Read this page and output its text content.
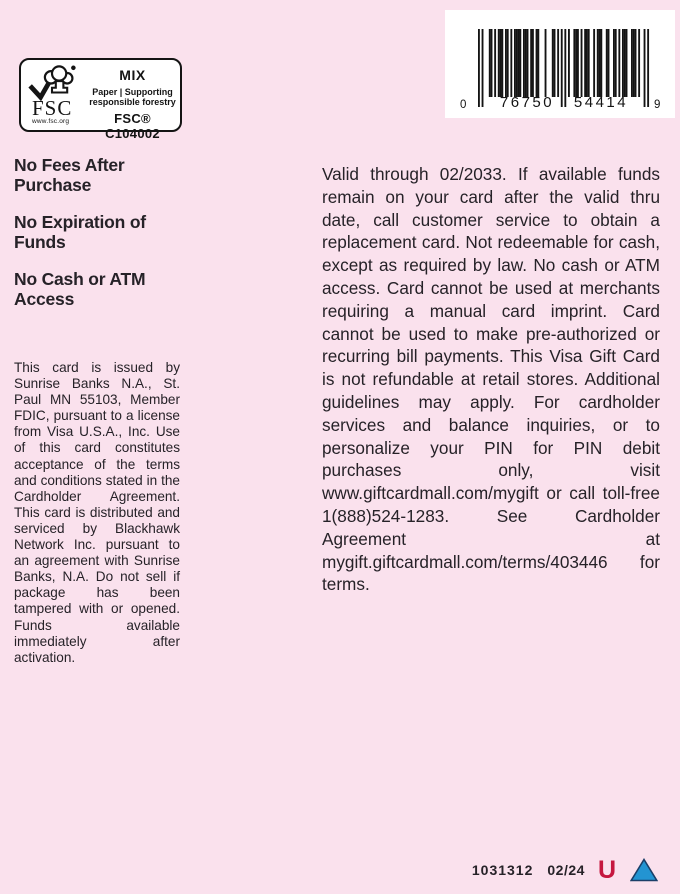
FSC
www.fsc.org
MIX
Paper | Supporting
responsible forestry
FSC® C104002
0	76750	54414	9
No Fees After Purchase
No Expiration of Funds
No Cash or ATM Access

This card is issued by Sunrise Banks N.A., St. Paul MN 55103, Member FDIC, pursuant to a license from Visa U.S.A., Inc. Use of this card constitutes acceptance of the terms and conditions stated in the Cardholder Agreement. This card is distributed and serviced by Blackhawk Network Inc. pursuant to an agreement with Sunrise Banks, N.A. Do not sell if package has been tampered with or opened. Funds available immediately after activation.

Valid through 02/2033. If available funds remain on your card after the valid thru date, call customer service to obtain a replacement card. Not redeemable for cash, except as required by law. No cash or ATM access. Card cannot be used at merchants requiring a manual card imprint. Card cannot be used to make pre-authorized or recurring bill payments. This Visa Gift Card is not refundable at retail stores. Additional guidelines may apply. For cardholder services and balance inquiries, or to personalize your PIN for PIN debit purchases only, visit www.giftcardmall.com/mygift or call toll-free 1(888)524-1283. See Cardholder Agreement at mygift.giftcardmall.com/terms/403446 for terms.

1031312 02/24 U
